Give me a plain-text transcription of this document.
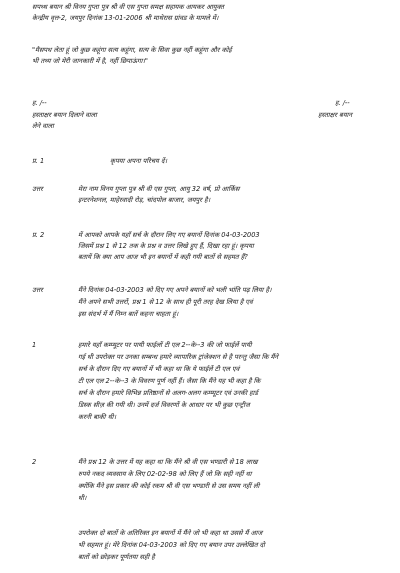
सपथ्थ बयान श्री विनय गुप्ता पुत्र श्री वी एस गुप्ता समक्ष सहायक आयकर आयुक्त
केन्द्रीय वृत्त-2, जयपुर दिनांक 13-01-2006 श्री माथेरास ग्रांवड के मामले में।
"मैसपथ लेता हूं जो कुछ कहूंगा सत्य कहूंगा, सत्य के सिवा कुछ नहीं कहूंगा और कोई
भी तथ्य जो मेरी जानकारी में है, नहीं छिपाऊंगा।"
ह. /--	ह. /--
हस्ताक्षर बयान दिलाने वाला
लेने वाला
हस्ताक्षर बयान
प्र. 1	कृपया अपना परिचय दें।
उत्तर	मेरा नाम विनय गुप्ता पुत्र श्री वी एस गुप्ता, आयु 32 वर्ष, प्रो आर्किस
इन्टरनेशनल, माहेरवादी रोड़, चांदपोल बाजार, जयपुर है।
प्र. 2	में आपको आपके यहाँ सर्च के दौरान लिए गए बयानों दिनांक 04-03-2003
जिसमें प्रश्न 1 से 12 तक के प्रश्न व उत्तर लिखे हुए हैं, दिखा रहा हूं। कृपया
बतायें कि क्या आप आज भी इन बयानों में कही गयी बातों से सहमत हैं?
उत्तर	मैंने दिनांक 04-03-2003 को दिए गए अपने बयानों को भली भांति पढ़ लिया है।
मैंने अपने सभी उत्तरों, प्रश्न 1 से 12 के साथ ही पूरी तरह देख लिया है एवं
इस संदर्भ में मैं निम्न बातें कहना चाहता हूं।
1	हमारे यहाँ कम्प्यूटर पर पायी फाईलों टी एल 2--के--3 की जो फाईलें पायी
गई थी उपरोक्त पर उनका सम्बन्ध हमारे व्यापारिक ट्रांजेक्शन से है परन्तु जैसा कि मैंने
सर्च के दौरान दिए गए बयानों में भी कहा था कि ये फाईलें टी एल एवं
टी एल एल 2--के--3 के विवरण पूर्ण नहीं हैं। जैसा कि मैंने यह भी कहा है कि
सर्च के दौरान हमारे विभिन्न प्रतिष्ठानों से अलग-अलग कम्प्यूटर एवं उनकी हार्ड
डिस्क सीज़ की गयी थी। उनमें दर्ज विवरणों के आधार पर भी कुछ एन्ट्रीज
करनी बाकी थी।
2	मैंने प्रश्न 12 के उत्तर में यह कहा था कि मैंने श्री वी एस भण्डारी से 18 लाख
रुपये नकद व्यवसाय के लिए 02-02-98 को लिए हैं जो कि सही नहीं था
क्योंकि मैंने इस प्रकार की कोई रकम श्री वी एस भण्डारी से उस समय नहीं ली
थी।
उपरोक्त दो बातों के अतिरिक्त इन बयानों में मैंने जो भी कहा था उससे मैं आज
भी सहमत हूं। मेरे दिनांक 04-03-2003 को दिए गए बयान उपर उल्लेखित दो
बातों को छोड़कर पूर्णतया सही है
